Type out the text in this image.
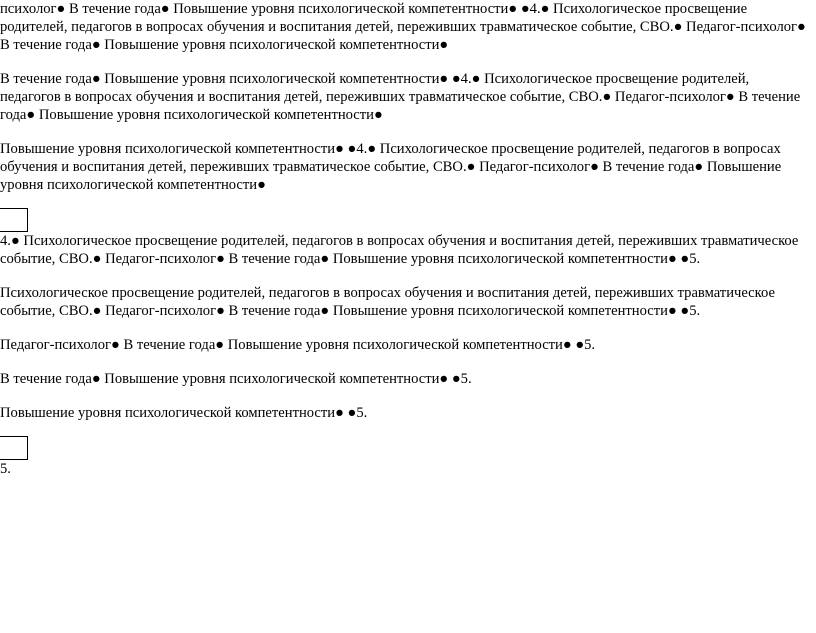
психолог● В течение года● Повышение уровня психологической компетентности● ●4.● Психологическое просвещение родителей, педагогов в вопросах обучения и воспитания детей, переживших травматическое событие, СВО.● Педагог-психолог● В течение года● Повышение уровня психологической компетентности●

В течение года● Повышение уровня психологической компетентности● ●4.● Психологическое просвещение родителей, педагогов в вопросах обучения и воспитания детей, переживших травматическое событие, СВО.● Педагог-психолог● В течение года● Повышение уровня психологической компетентности●

Повышение уровня психологической компетентности● ●4.● Психологическое просвещение родителей, педагогов в вопросах обучения и воспитания детей, переживших травматическое событие, СВО.● Педагог-психолог● В течение года● Повышение уровня психологической компетентности●

4.● Психологическое просвещение родителей, педагогов в вопросах обучения и воспитания детей, переживших травматическое событие, СВО.● Педагог-психолог● В течение года● Повышение уровня психологической компетентности● ●5.

Психологическое просвещение родителей, педагогов в вопросах обучения и воспитания детей, переживших травматическое событие, СВО.● Педагог-психолог● В течение года● Повышение уровня психологической компетентности● ●5.

Педагог-психолог● В течение года● Повышение уровня психологической компетентности● ●5.

В течение года● Повышение уровня психологической компетентности● ●5.

Повышение уровня психологической компетентности● ●5.

5.
